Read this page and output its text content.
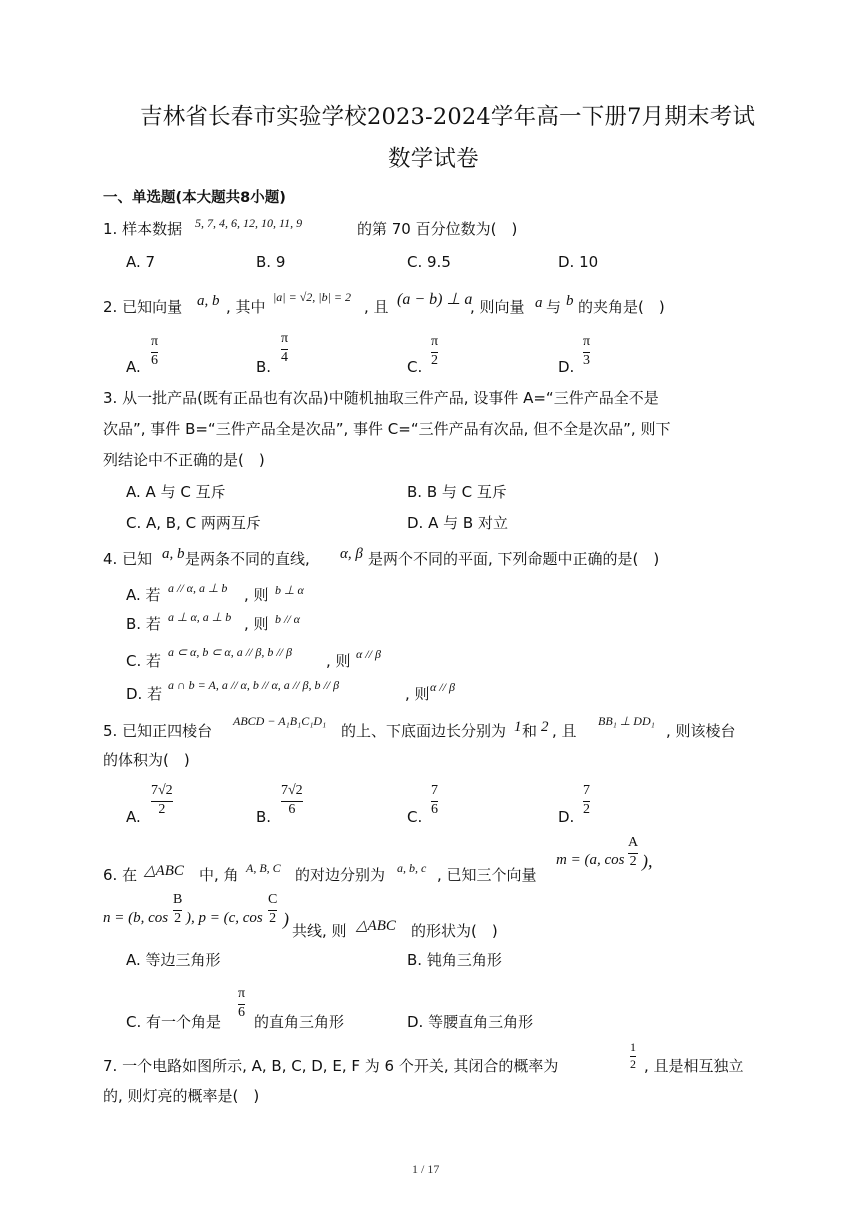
吉林省长春市实验学校2023-2024学年高一下册7月期末考试
数学试卷
一、单选题(本大题共8小题)
1. 样本数据 5, 7, 4, 6, 12, 10, 11, 9	的第 70 百分位数为(　)
A. 7	B. 9	C. 9.5	D. 10
2. 已知向量 a, b , 其中
|a| = √2, |b| = 2
, 且 (a − b) ⊥ a
, 则向量 a 与 b 的夹角是(　)
A.
π
6	B.
π
4
C.
π
2	D.
π
3
3. 从一批产品(既有正品也有次品)中随机抽取三件产品, 设事件 A=“三件产品全不是
次品”, 事件 B=“三件产品全是次品”, 事件 C=“三件产品有次品, 但不全是次品”, 则下
列结论中不正确的是(　)
A. A 与 C 互斥	B. B 与 C 互斥
C. A, B, C 两两互斥	D. A 与 B 对立
4. 已知 a, b 是两条不同的直线, α, β 是两个不同的平面, 下列命题中正确的是(　)
A. 若 a // α, a ⊥ b , 则 b ⊥ α
B. 若 a ⊥ α, a ⊥ b , 则 b // α
C. 若 a ⊂ α, b ⊂ α, a // β, b // β , 则 α // β
D. 若 a ∩ b = A, a // α, b // α, a // β, b // β	, 则 α // β
5. 已知正四棱台
ABCD − A₁B₁C₁D₁
的上、下底面边长分别为 1 和 2 , 且
BB₁ ⊥ DD₁
, 则该棱台
的体积为(　)
A.
7√2
2	B.
7√2
6	C.
7
6	D.
7
2
6. 在 △ABC 中, 角 A, B, C 的对边分别为 a, b, c , 已知三个向量
m = (a, cos
A
2 ),
n = (b, cos
B
2 ), p = (c, cos
C
2 )
共线, 则 △ABC 的形状为(　)
A. 等边三角形	B. 钝角三角形
C. 有一个角是
π
6
的直角三角形	D. 等腰直角三角形
7. 一个电路如图所示, A, B, C, D, E, F 为 6 个开关, 其闭合的概率为
1
2 , 且是相互独立
的, 则灯亮的概率是(　)
1 / 17
